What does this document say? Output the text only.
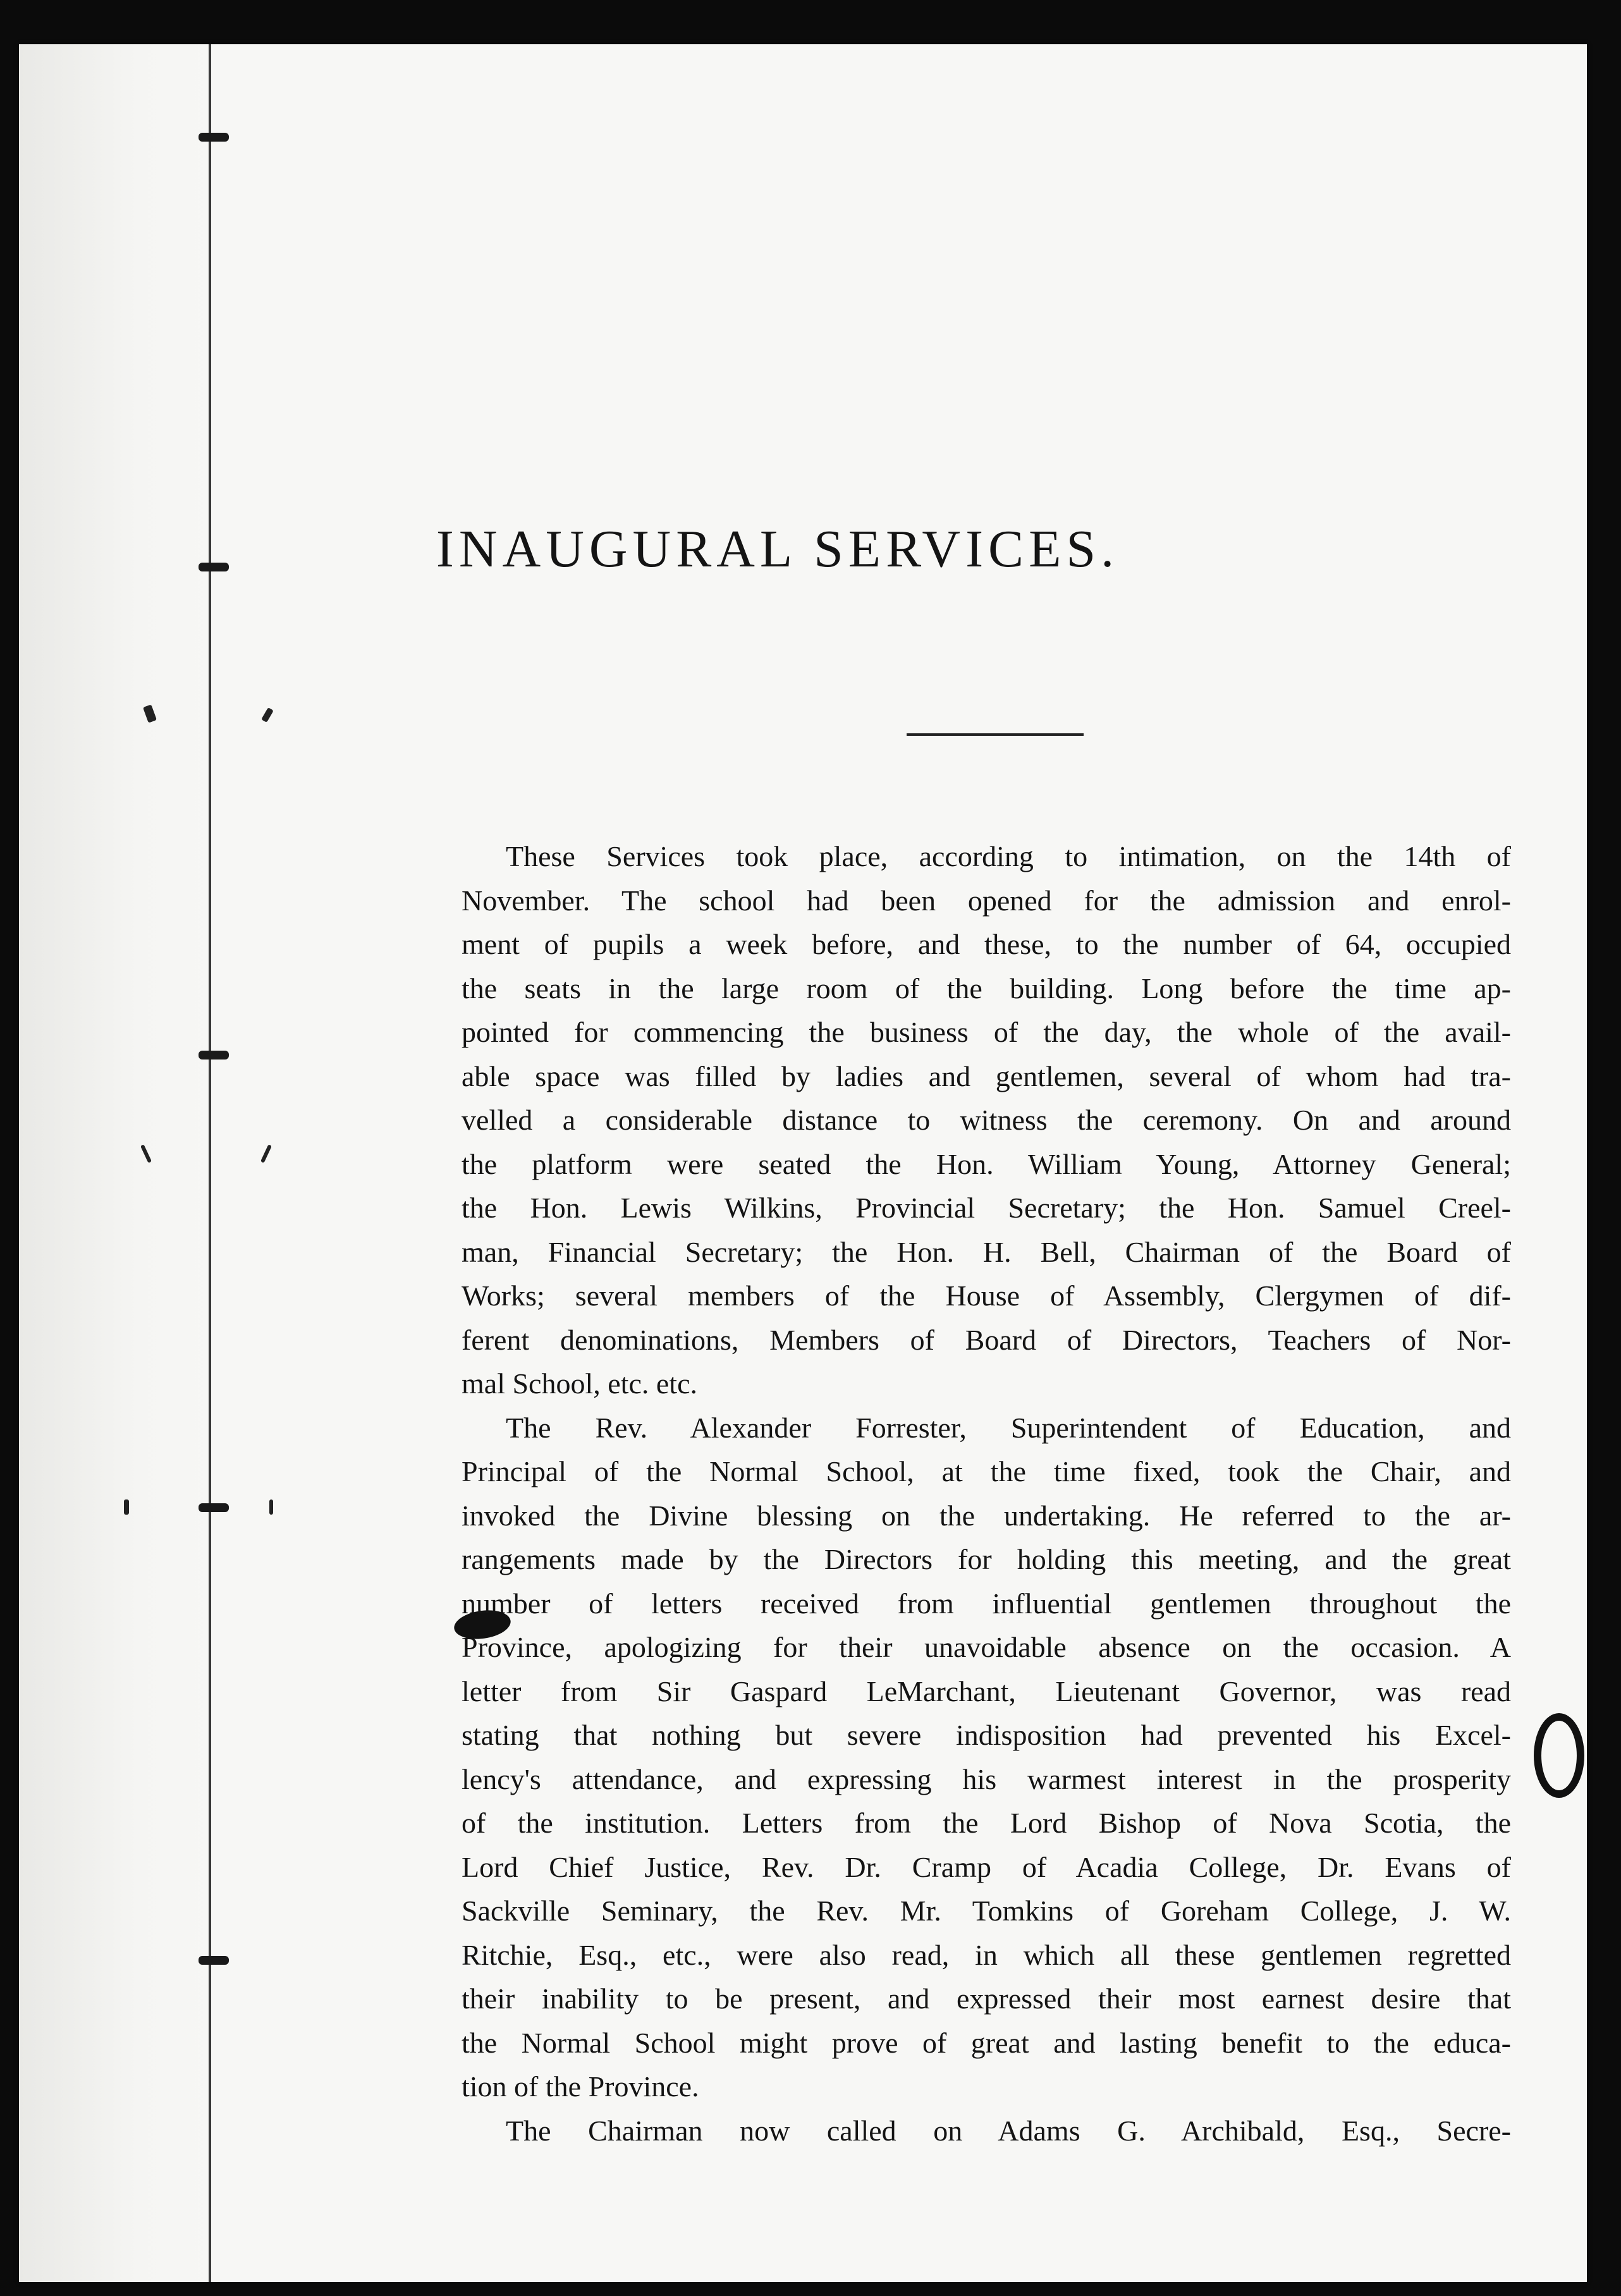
INAUGURAL SERVICES.
These Services took place, according to intimation, on the 14th of
November. The school had been opened for the admission and enrol-
ment of pupils a week before, and these, to the number of 64, occupied
the seats in the large room of the building. Long before the time ap-
pointed for commencing the business of the day, the whole of the avail-
able space was filled by ladies and gentlemen, several of whom had tra-
velled a considerable distance to witness the ceremony. On and around
the platform were seated the Hon. William Young, Attorney General;
the Hon. Lewis Wilkins, Provincial Secretary; the Hon. Samuel Creel-
man, Financial Secretary; the Hon. H. Bell, Chairman of the Board of
Works; several members of the House of Assembly, Clergymen of dif-
ferent denominations, Members of Board of Directors, Teachers of Nor-
mal School, etc. etc.
The Rev. Alexander Forrester, Superintendent of Education, and
Principal of the Normal School, at the time fixed, took the Chair, and
invoked the Divine blessing on the undertaking. He referred to the ar-
rangements made by the Directors for holding this meeting, and the great
number of letters received from influential gentlemen throughout the
Province, apologizing for their unavoidable absence on the occasion. A
letter from Sir Gaspard LeMarchant, Lieutenant Governor, was read
stating that nothing but severe indisposition had prevented his Excel-
lency's attendance, and expressing his warmest interest in the prosperity
of the institution. Letters from the Lord Bishop of Nova Scotia, the
Lord Chief Justice, Rev. Dr. Cramp of Acadia College, Dr. Evans of
Sackville Seminary, the Rev. Mr. Tomkins of Goreham College, J. W.
Ritchie, Esq., etc., were also read, in which all these gentlemen regretted
their inability to be present, and expressed their most earnest desire that
the Normal School might prove of great and lasting benefit to the educa-
tion of the Province.
The Chairman now called on Adams G. Archibald, Esq., Secre-
